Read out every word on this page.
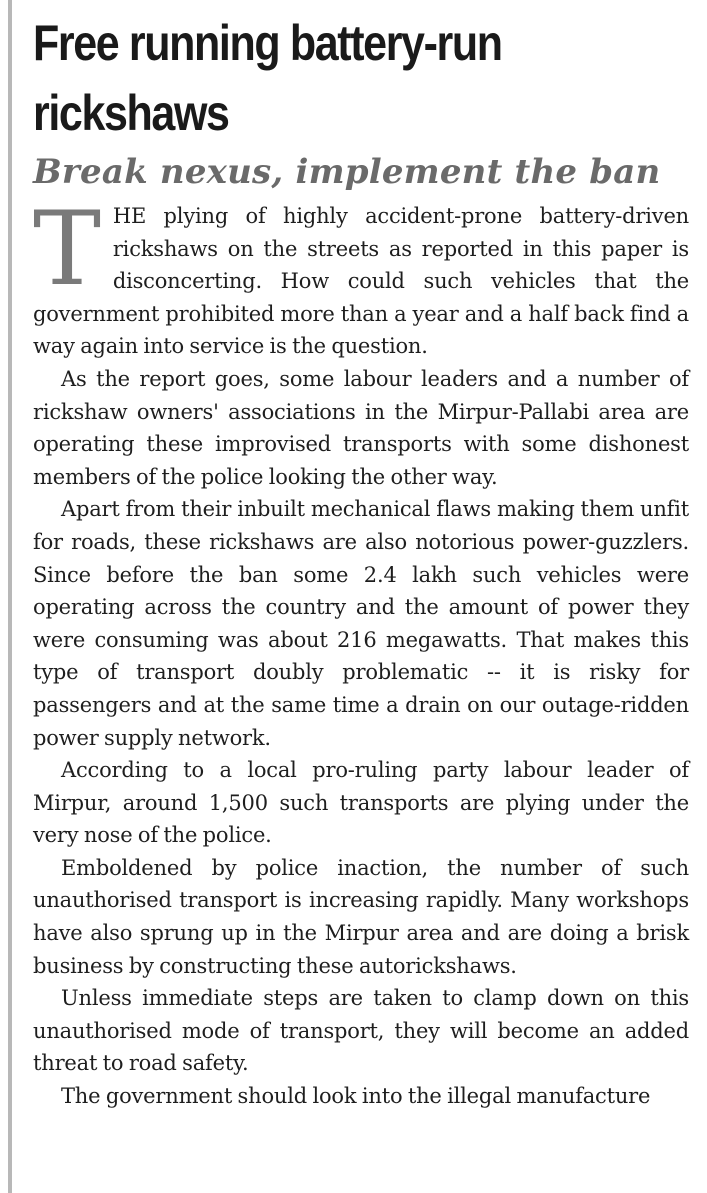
Free running battery-run rickshaws
Break nexus, implement the ban

THE plying of highly accident-prone battery-driven rickshaws on the streets as reported in this paper is disconcerting. How could such vehicles that the government prohibited more than a year and a half back find a way again into service is the question.

As the report goes, some labour leaders and a number of rickshaw owners' associations in the Mirpur-Pallabi area are operating these improvised transports with some dishonest members of the police looking the other way.

Apart from their inbuilt mechanical flaws making them unfit for roads, these rickshaws are also notorious power-guzzlers. Since before the ban some 2.4 lakh such vehicles were operating across the country and the amount of power they were consuming was about 216 megawatts. That makes this type of transport doubly problematic -- it is risky for passengers and at the same time a drain on our outage-ridden power supply network.

According to a local pro-ruling party labour leader of Mirpur, around 1,500 such transports are plying under the very nose of the police.

Emboldened by police inaction, the number of such unauthorised transport is increasing rapidly. Many workshops have also sprung up in the Mirpur area and are doing a brisk business by constructing these autorickshaws.

Unless immediate steps are taken to clamp down on this unauthorised mode of transport, they will become an added threat to road safety.

The government should look into the illegal manufacture
